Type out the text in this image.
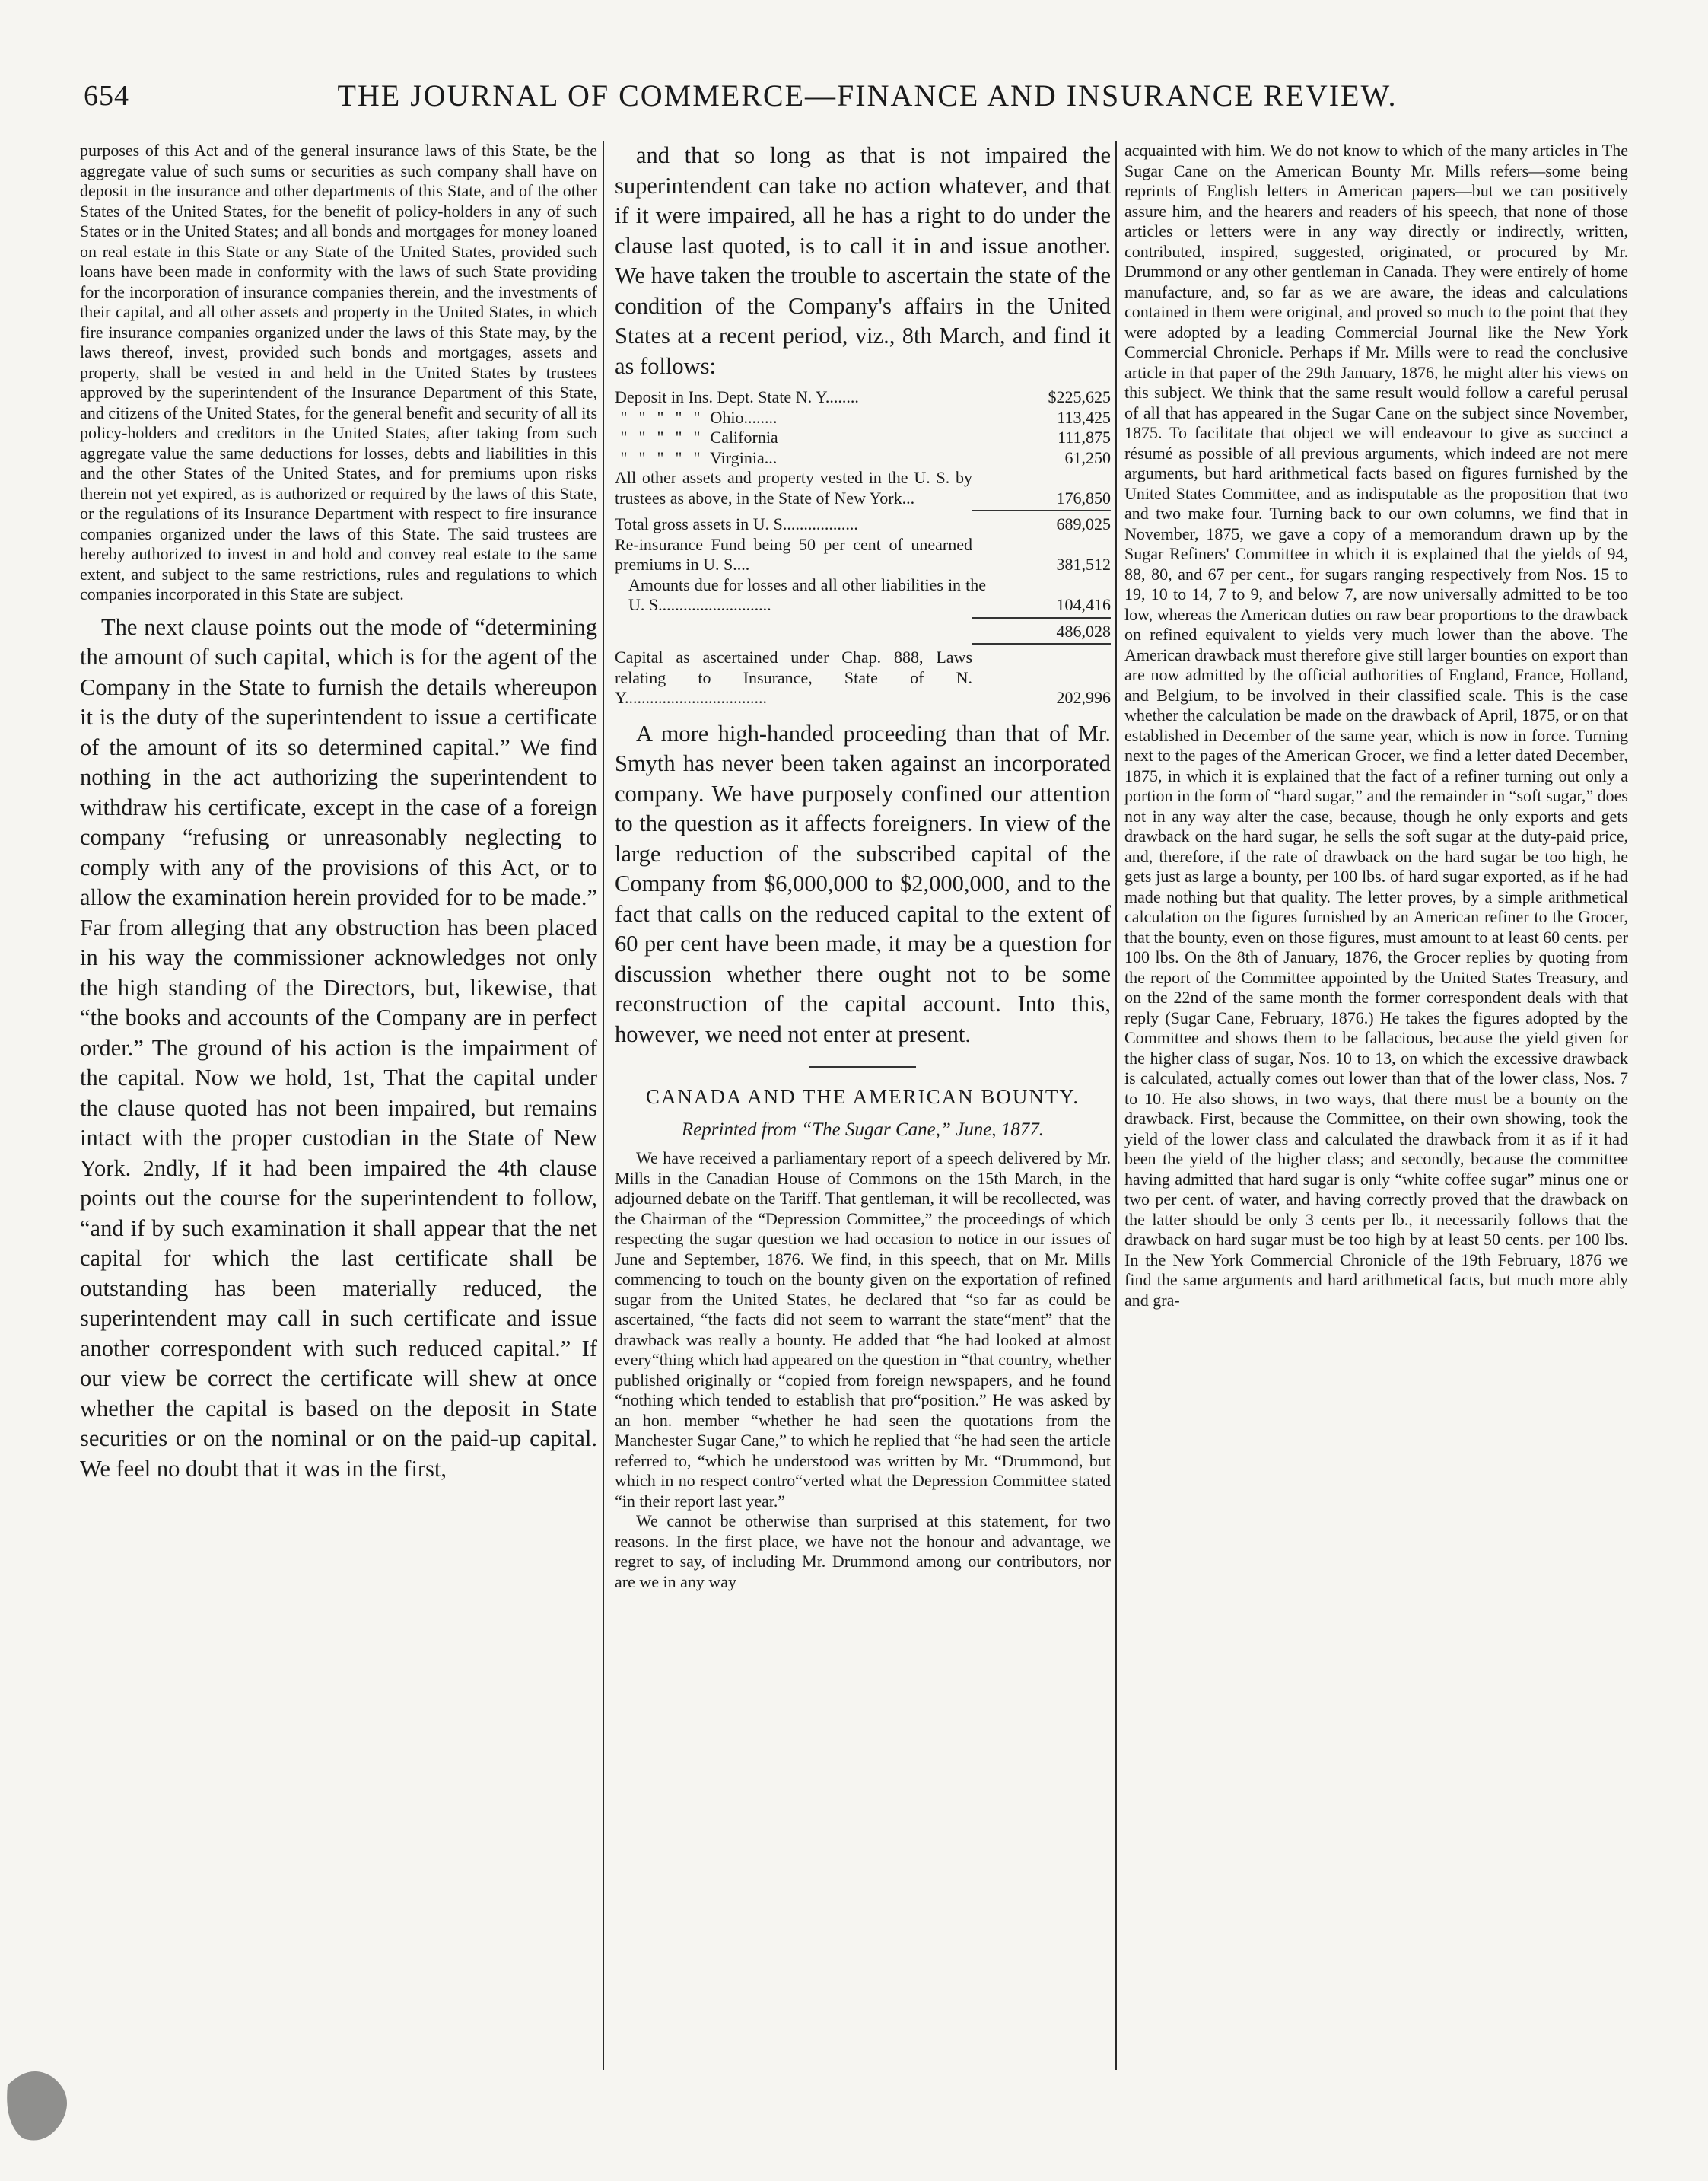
654	THE JOURNAL OF COMMERCE—FINANCE AND INSURANCE REVIEW.

purposes of this Act and of the general insurance laws of this State, be the aggregate value of such sums or securities as such company shall have on deposit in the insurance and other departments of this State, and of the other States of the United States, for the benefit of policy-holders in any of such States or in the United States; and all bonds and mortgages for money loaned on real estate in this State or any State of the United States, provided such loans have been made in conformity with the laws of such State providing for the incorporation of insurance companies therein, and the investments of their capital, and all other assets and property in the United States, in which fire insurance companies organized under the laws of this State may, by the laws thereof, invest, provided such bonds and mortgages, assets and property, shall be vested in and held in the United States by trustees approved by the superintendent of the Insurance Department of this State, and citizens of the United States, for the general benefit and security of all its policy-holders and creditors in the United States, after taking from such aggregate value the same deductions for losses, debts and liabilities in this and the other States of the United States, and for premiums upon risks therein not yet expired, as is authorized or required by the laws of this State, or the regulations of its Insurance Department with respect to fire insurance companies organized under the laws of this State. The said trustees are hereby authorized to invest in and hold and convey real estate to the same extent, and subject to the same restrictions, rules and regulations to which companies incorporated in this State are subject.

The next clause points out the mode of “determining the amount of such capital, which is for the agent of the Company in the State to furnish the details whereupon it is the duty of the superintendent to issue a certificate of the amount of its so determined capital.” We find nothing in the act authorizing the superintendent to withdraw his certificate, except in the case of a foreign company “refusing or unreasonably neglecting to comply with any of the provisions of this Act, or to allow the examination herein provided for to be made.” Far from alleging that any obstruction has been placed in his way the commissioner acknowledges not only the high standing of the Directors, but, likewise, that “the books and accounts of the Company are in perfect order.” The ground of his action is the impairment of the capital. Now we hold, 1st, That the capital under the clause quoted has not been impaired, but remains intact with the proper custodian in the State of New York. 2ndly, If it had been impaired the 4th clause points out the course for the superintendent to follow, “and if by such examination it shall appear that the net capital for which the last certificate shall be outstanding has been materially reduced, the superintendent may call in such certificate and issue another correspondent with such reduced capital.” If our view be correct the certificate will shew at once whether the capital is based on the deposit in State securities or on the nominal or on the paid-up capital. We feel no doubt that it was in the first,

and that so long as that is not impaired the superintendent can take no action whatever, and that if it were impaired, all he has a right to do under the clause last quoted, is to call it in and issue another. We have taken the trouble to ascertain the state of the condition of the Company's affairs in the United States at a recent period, viz., 8th March, and find it as follows:

Deposit in Ins. Dept. State N. Y........	$225,625
" " " " " Ohio........	113,425
" " " " " California	111,875
" " " " " Virginia...	61,250
All other assets and property vested in the U. S. by trustees as above, in the State of New York...	176,850
Total gross assets in U. S..................	689,025
Re-insurance Fund being 50 per cent of unearned premiums in U. S....	381,512
Amounts due for losses and all other liabilities in the U. S...........................	104,416
486,028
Capital as ascertained under Chap. 888, Laws relating to Insurance, State of N. Y..................................	202,996

A more high-handed proceeding than that of Mr. Smyth has never been taken against an incorporated company. We have purposely confined our attention to the question as it affects foreigners. In view of the large reduction of the subscribed capital of the Company from $6,000,000 to $2,000,000, and to the fact that calls on the reduced capital to the extent of 60 per cent have been made, it may be a question for discussion whether there ought not to be some reconstruction of the capital account. Into this, however, we need not enter at present.

CANADA AND THE AMERICAN BOUNTY.
Reprinted from “The Sugar Cane,” June, 1877.

We have received a parliamentary report of a speech delivered by Mr. Mills in the Canadian House of Commons on the 15th March, in the adjourned debate on the Tariff. That gentleman, it will be recollected, was the Chairman of the “Depression Committee,” the proceedings of which respecting the sugar question we had occasion to notice in our issues of June and September, 1876. We find, in this speech, that on Mr. Mills commencing to touch on the bounty given on the exportation of refined sugar from the United States, he declared that “so far as could be ascertained, “the facts did not seem to warrant the state“ment” that the drawback was really a bounty. He added that “he had looked at almost every“thing which had appeared on the question in “that country, whether published originally or “copied from foreign newspapers, and he found “nothing which tended to establish that pro“position.” He was asked by an hon. member “whether he had seen the quotations from the Manchester Sugar Cane,” to which he replied that “he had seen the article referred to, “which he understood was written by Mr. “Drummond, but which in no respect contro“verted what the Depression Committee stated “in their report last year.”

We cannot be otherwise than surprised at this statement, for two reasons. In the first place, we have not the honour and advantage, we regret to say, of including Mr. Drummond among our contributors, nor are we in any way

acquainted with him. We do not know to which of the many articles in The Sugar Cane on the American Bounty Mr. Mills refers—some being reprints of English letters in American papers—but we can positively assure him, and the hearers and readers of his speech, that none of those articles or letters were in any way directly or indirectly, written, contributed, inspired, suggested, originated, or procured by Mr. Drummond or any other gentleman in Canada. They were entirely of home manufacture, and, so far as we are aware, the ideas and calculations contained in them were original, and proved so much to the point that they were adopted by a leading Commercial Journal like the New York Commercial Chronicle. Perhaps if Mr. Mills were to read the conclusive article in that paper of the 29th January, 1876, he might alter his views on this subject. We think that the same result would follow a careful perusal of all that has appeared in the Sugar Cane on the subject since November, 1875. To facilitate that object we will endeavour to give as succinct a résumé as possible of all previous arguments, which indeed are not mere arguments, but hard arithmetical facts based on figures furnished by the United States Committee, and as indisputable as the proposition that two and two make four. Turning back to our own columns, we find that in November, 1875, we gave a copy of a memorandum drawn up by the Sugar Refiners' Committee in which it is explained that the yields of 94, 88, 80, and 67 per cent., for sugars ranging respectively from Nos. 15 to 19, 10 to 14, 7 to 9, and below 7, are now universally admitted to be too low, whereas the American duties on raw bear proportions to the drawback on refined equivalent to yields very much lower than the above. The American drawback must therefore give still larger bounties on export than are now admitted by the official authorities of England, France, Holland, and Belgium, to be involved in their classified scale. This is the case whether the calculation be made on the drawback of April, 1875, or on that established in December of the same year, which is now in force. Turning next to the pages of the American Grocer, we find a letter dated December, 1875, in which it is explained that the fact of a refiner turning out only a portion in the form of “hard sugar,” and the remainder in “soft sugar,” does not in any way alter the case, because, though he only exports and gets drawback on the hard sugar, he sells the soft sugar at the duty-paid price, and, therefore, if the rate of drawback on the hard sugar be too high, he gets just as large a bounty, per 100 lbs. of hard sugar exported, as if he had made nothing but that quality. The letter proves, by a simple arithmetical calculation on the figures furnished by an American refiner to the Grocer, that the bounty, even on those figures, must amount to at least 60 cents. per 100 lbs. On the 8th of January, 1876, the Grocer replies by quoting from the report of the Committee appointed by the United States Treasury, and on the 22nd of the same month the former correspondent deals with that reply (Sugar Cane, February, 1876.) He takes the figures adopted by the Committee and shows them to be fallacious, because the yield given for the higher class of sugar, Nos. 10 to 13, on which the excessive drawback is calculated, actually comes out lower than that of the lower class, Nos. 7 to 10. He also shows, in two ways, that there must be a bounty on the drawback. First, because the Committee, on their own showing, took the yield of the lower class and calculated the drawback from it as if it had been the yield of the higher class; and secondly, because the committee having admitted that hard sugar is only “white coffee sugar” minus one or two per cent. of water, and having correctly proved that the drawback on the latter should be only 3 cents per lb., it necessarily follows that the drawback on hard sugar must be too high by at least 50 cents. per 100 lbs. In the New York Commercial Chronicle of the 19th February, 1876 we find the same arguments and hard arithmetical facts, but much more ably and gra-
